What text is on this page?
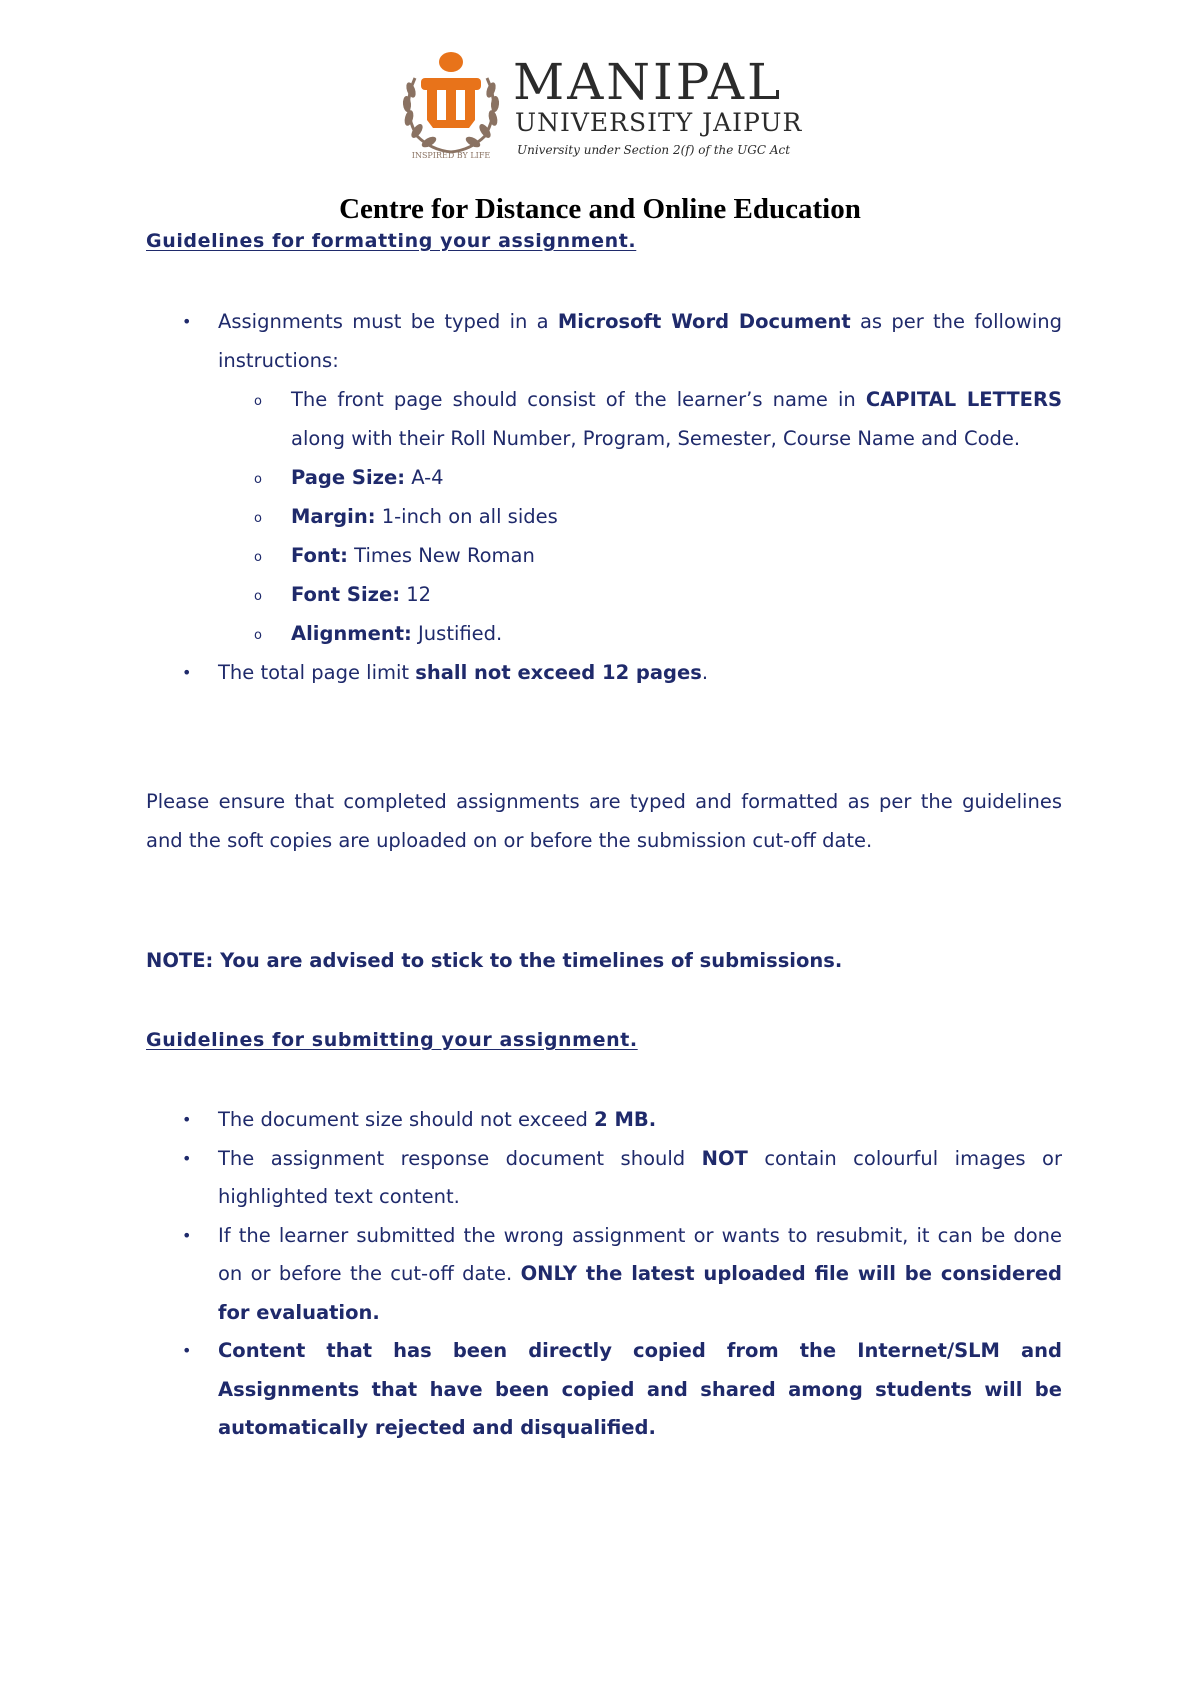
MANIPAL
UNIVERSITY JAIPUR
University under Section 2(f) of the UGC Act
INSPIRED BY LIFE
Centre for Distance and Online Education
Guidelines for formatting your assignment.
• Assignments must be typed in a Microsoft Word Document as per the following instructions:
o The front page should consist of the learner’s name in CAPITAL LETTERS along with their Roll Number, Program, Semester, Course Name and Code.
o Page Size: A-4
o Margin: 1-inch on all sides
o Font: Times New Roman
o Font Size: 12
o Alignment: Justified.
• The total page limit shall not exceed 12 pages.

Please ensure that completed assignments are typed and formatted as per the guidelines and the soft copies are uploaded on or before the submission cut-off date.

NOTE: You are advised to stick to the timelines of submissions.

Guidelines for submitting your assignment.
• The document size should not exceed 2 MB.
• The assignment response document should NOT contain colourful images or highlighted text content.
• If the learner submitted the wrong assignment or wants to resubmit, it can be done on or before the cut-off date. ONLY the latest uploaded file will be considered for evaluation.
• Content that has been directly copied from the Internet/SLM and Assignments that have been copied and shared among students will be automatically rejected and disqualified.
